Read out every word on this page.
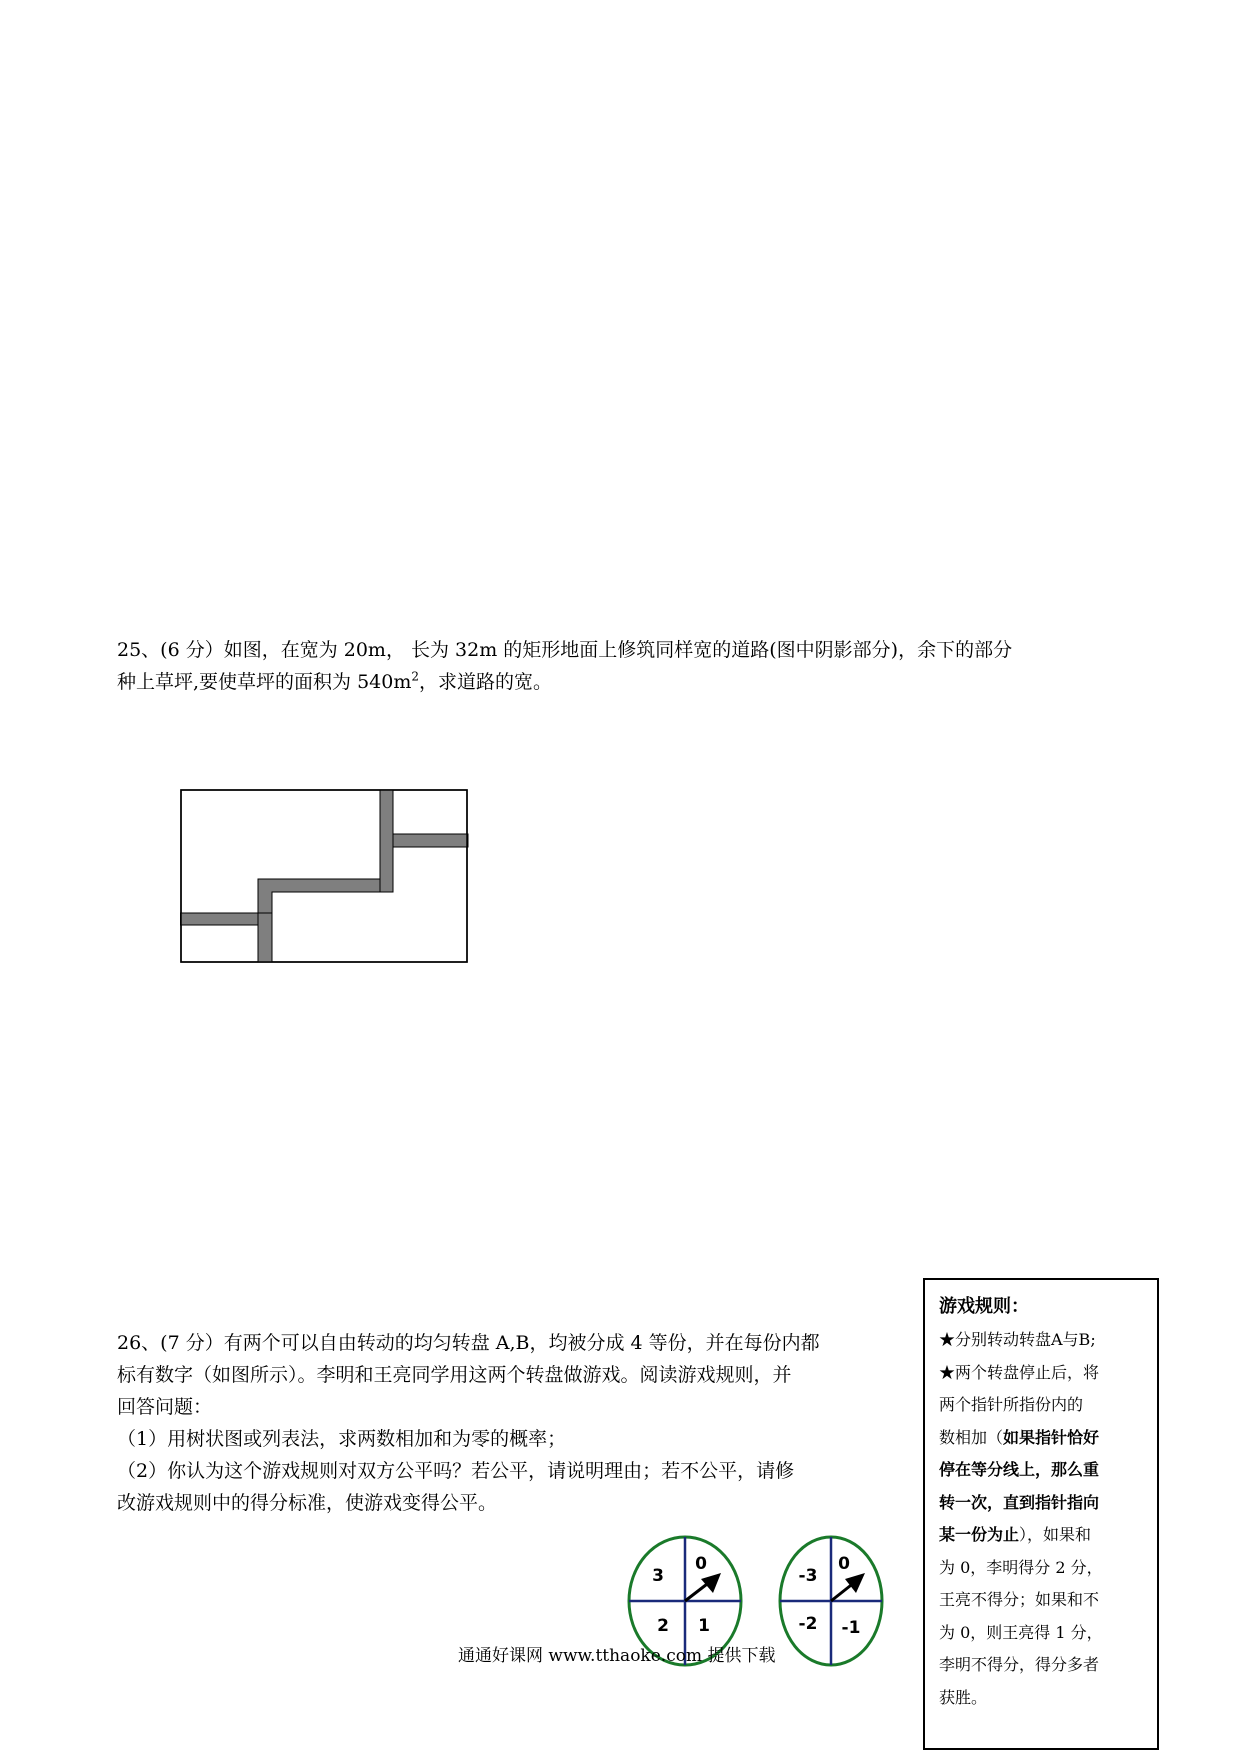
25、(6 分）如图，在宽为 20m， 长为 32m 的矩形地面上修筑同样宽的道路(图中阴影部分)，余下的部分
种上草坪,要使草坪的面积为 $540m^2$，求道路的宽。
26、(7 分）有两个可以自由转动的均匀转盘 A,B，均被分成 4 等份，并在每份内都
标有数字（如图所示）。李明和王亮同学用这两个转盘做游戏。阅读游戏规则，并
回答问题：
（1）用树状图或列表法，求两数相加和为零的概率；
（2）你认为这个游戏规则对双方公平吗？若公平，请说明理由；若不公平，请修
改游戏规则中的得分标准，使游戏变得公平。
游戏规则：
★分别转动转盘A与B;
★两个转盘停止后，将
两个指针所指份内的
数相加（如果指针恰好
停在等分线上，那么重
转一次，直到指针指向
某一份为止），如果和
为 0，李明得分 2 分，
王亮不得分；如果和不
为 0，则王亮得 1 分，
李明不得分，得分多者
获胜。
3
0
2 1
-3
0
-2 -1
通通好课网 www.tthaoke.com 提供下载
